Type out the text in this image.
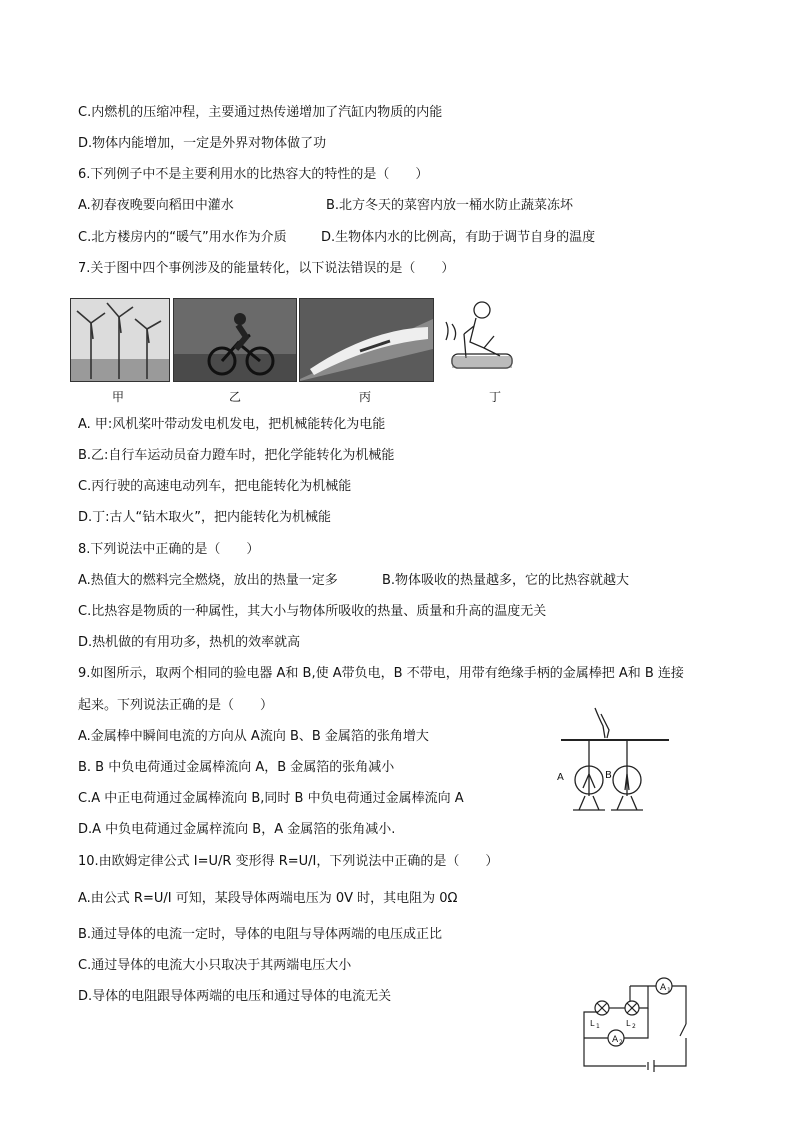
C.内燃机的压缩冲程，主要通过热传递增加了汽缸内物质的内能
D.物体内能增加，一定是外界对物体做了功
6.下列例子中不是主要利用水的比热容大的特性的是（　　）
A.初春夜晚要向稻田中灌水	B.北方冬天的菜窖内放一桶水防止蔬菜冻坏
C.北方楼房内的“暖气”用水作为介质	D.生物体内水的比例高，有助于调节自身的温度
7.关于图中四个事例涉及的能量转化，以下说法错误的是（　　）
甲	乙	丙	丁
A. 甲:风机桨叶带动发电机发电，把机械能转化为电能
B.乙:自行车运动员奋力蹬车时，把化学能转化为机械能
C.丙行驶的高速电动列车，把电能转化为机械能
D.丁:古人“钻木取火”，把内能转化为机械能
8.下列说法中正确的是（　　）
A.热值大的燃料完全燃烧，放出的热量一定多	B.物体吸收的热量越多，它的比热容就越大
C.比热容是物质的一种属性，其大小与物体所吸收的热量、质量和升高的温度无关
D.热机做的有用功多，热机的效率就高
9.如图所示，取两个相同的验电器 A和 B,使 A带负电，B 不带电，用带有绝缘手柄的金属棒把 A和 B 连接
起来。下列说法正确的是（　　）
A.金属棒中瞬间电流的方向从 A流向 B、B 金属箔的张角增大
B. B 中负电荷通过金属棒流向 A，B 金属箔的张角减小
C.A 中正电荷通过金属棒流向 B,同时 B 中负电荷通过金属棒流向 A
D.A 中负电荷通过金属梓流向 B，A 金属箔的张角减小.
A	B
10.由欧姆定律公式 I=U/R 变形得 R=U/I，下列说法中正确的是（　　）
A.由公式 R=U/I 可知，某段导体两端电压为 0V 时，其电阻为 0Ω
B.通过导体的电流一定时，导体的电阻与导体两端的电压成正比
C.通过导体的电流大小只取决于其两端电压大小
D.导体的电阻跟导体两端的电压和通过导体的电流无关
A 1
A 2
L 1	L 2
